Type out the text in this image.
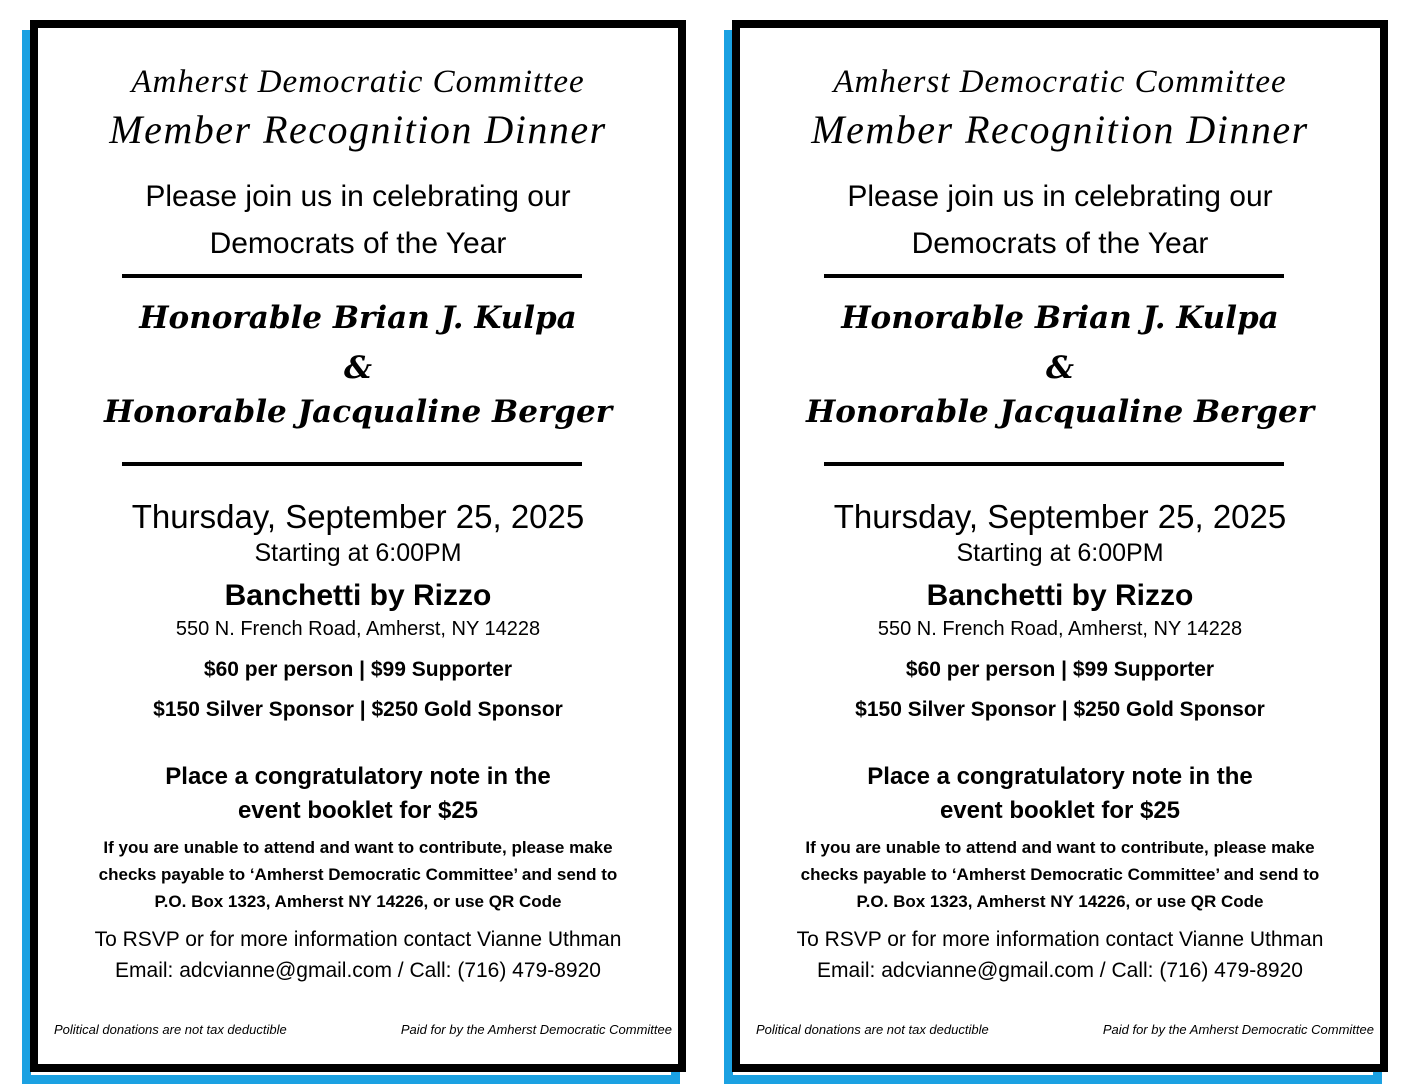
Amherst Democratic Committee
Member Recognition Dinner
Please join us in celebrating our
Democrats of the Year
Honorable Brian J. Kulpa
&
Honorable Jacqualine Berger
Thursday, September 25, 2025
Starting at 6:00PM
Banchetti by Rizzo
550 N. French Road, Amherst, NY 14228
$60 per person | $99 Supporter
$150 Silver Sponsor | $250 Gold Sponsor
Place a congratulatory note in the
event booklet for $25
If you are unable to attend and want to contribute, please make
checks payable to ‘Amherst Democratic Committee’ and send to
P.O. Box 1323, Amherst NY 14226, or use QR Code
To RSVP or for more information contact Vianne Uthman
Email: adcvianne@gmail.com / Call: (716) 479-8920
Political donations are not tax deductible	Paid for by the Amherst Democratic Committee
Amherst Democratic Committee
Member Recognition Dinner
Please join us in celebrating our
Democrats of the Year
Honorable Brian J. Kulpa
&
Honorable Jacqualine Berger
Thursday, September 25, 2025
Starting at 6:00PM
Banchetti by Rizzo
550 N. French Road, Amherst, NY 14228
$60 per person | $99 Supporter
$150 Silver Sponsor | $250 Gold Sponsor
Place a congratulatory note in the
event booklet for $25
If you are unable to attend and want to contribute, please make
checks payable to ‘Amherst Democratic Committee’ and send to
P.O. Box 1323, Amherst NY 14226, or use QR Code
To RSVP or for more information contact Vianne Uthman
Email: adcvianne@gmail.com / Call: (716) 479-8920
Political donations are not tax deductible	Paid for by the Amherst Democratic Committee
